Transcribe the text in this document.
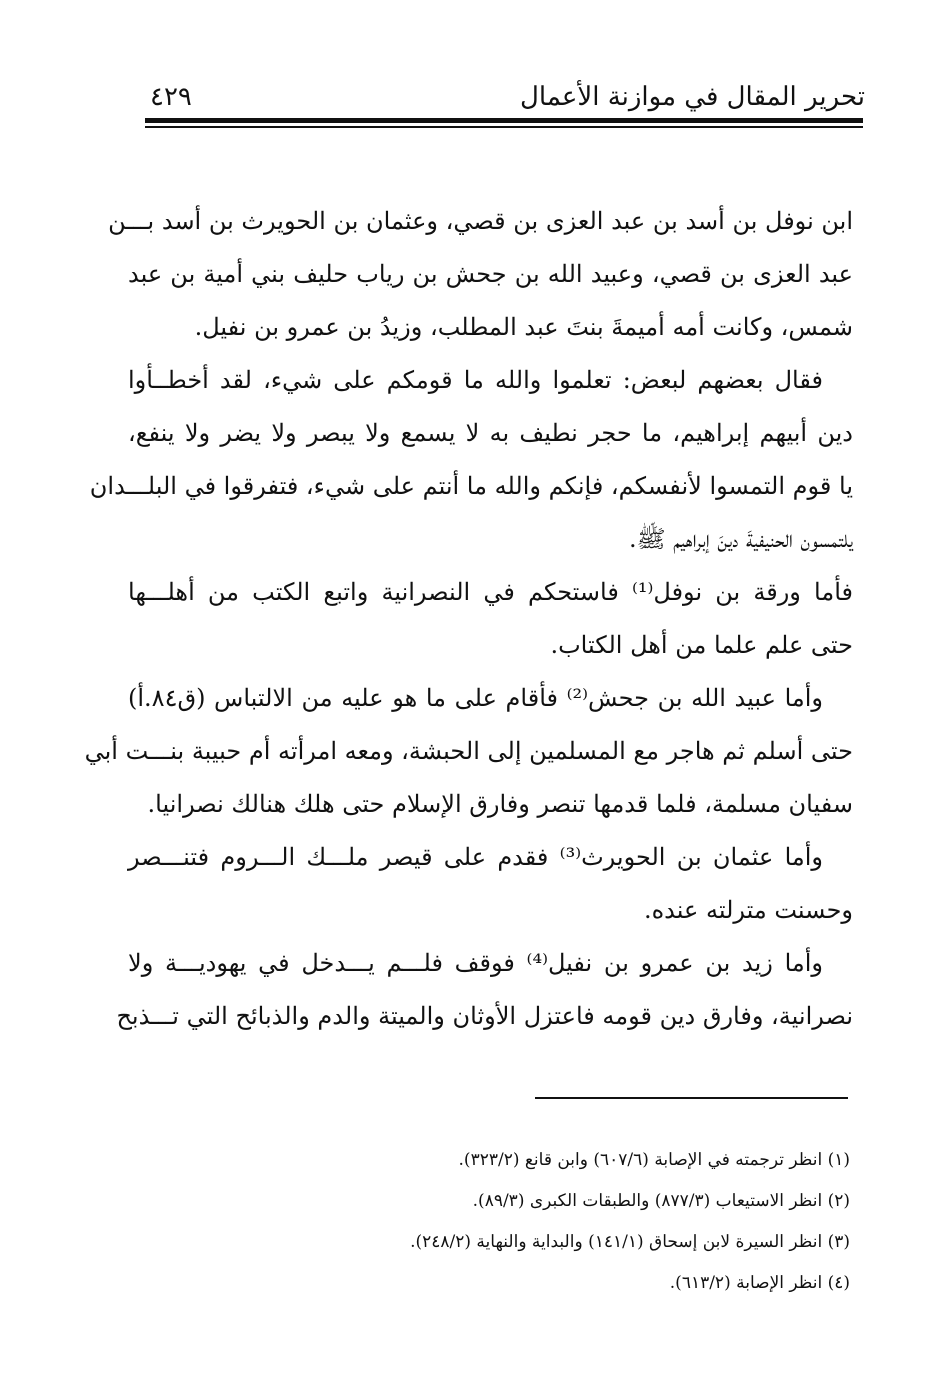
تحرير المقال في موازنة الأعمال
٤٢٩
ابن نوفل بن أسد بن عبد العزى بن قصي، وعثمان بن الحويرث بن أسد بـــن
عبد العزى بن قصي، وعبيد الله بن جحش بن رياب حليف بني أمية بن عبد
شمس، وكانت أمه أميمةَ بنتَ عبد المطلب، وزيدُ بن عمرو بن نفيل.
فقال بعضهم لبعض: تعلموا والله ما قومكم على شيء، لقد أخطــأوا
دين أبيهم إبراهيم، ما حجر نطيف به لا يسمع ولا يبصر ولا يضر ولا ينفع،
يا قوم التمسوا لأنفسكم، فإنكم والله ما أنتم على شيء، فتفرقوا في البلـــدان
يلتمسون الحنيفيةَ دينَ إبراهيم ﷺ.
فأما ورقة بن نوفل⁽¹⁾ فاستحكم في النصرانية واتبع الكتب من أهلـــها
حتى علم علما من أهل الكتاب.
وأما عبيد الله بن جحش⁽²⁾ فأقام على ما هو عليه من الالتباس (ق٨٤.أ)
حتى أسلم ثم هاجر مع المسلمين إلى الحبشة، ومعه امرأته أم حبيبة بنـــت أبي
سفيان مسلمة، فلما قدمها تنصر وفارق الإسلام حتى هلك هنالك نصرانيا.
وأما عثمان بن الحويرث⁽³⁾ فقدم على قيصر ملـــك الـــروم فتنـــصر
وحسنت مترلته عنده.
وأما زيد بن عمرو بن نفيل⁽⁴⁾ فوقف فلـــم يـــدخل في يهوديـــة ولا
نصرانية، وفارق دين قومه فاعتزل الأوثان والميتة والدم والذبائح التي تـــذبح
(١) انظر ترجمته في الإصابة (٦٠٧/٦) وابن قانع (٣٢٣/٢).
(٢) انظر الاستيعاب (٨٧٧/٣) والطبقات الكبرى (٨٩/٣).
(٣) انظر السيرة لابن إسحاق (١٤١/١) والبداية والنهاية (٢٤٨/٢).
(٤) انظر الإصابة (٦١٣/٢).
